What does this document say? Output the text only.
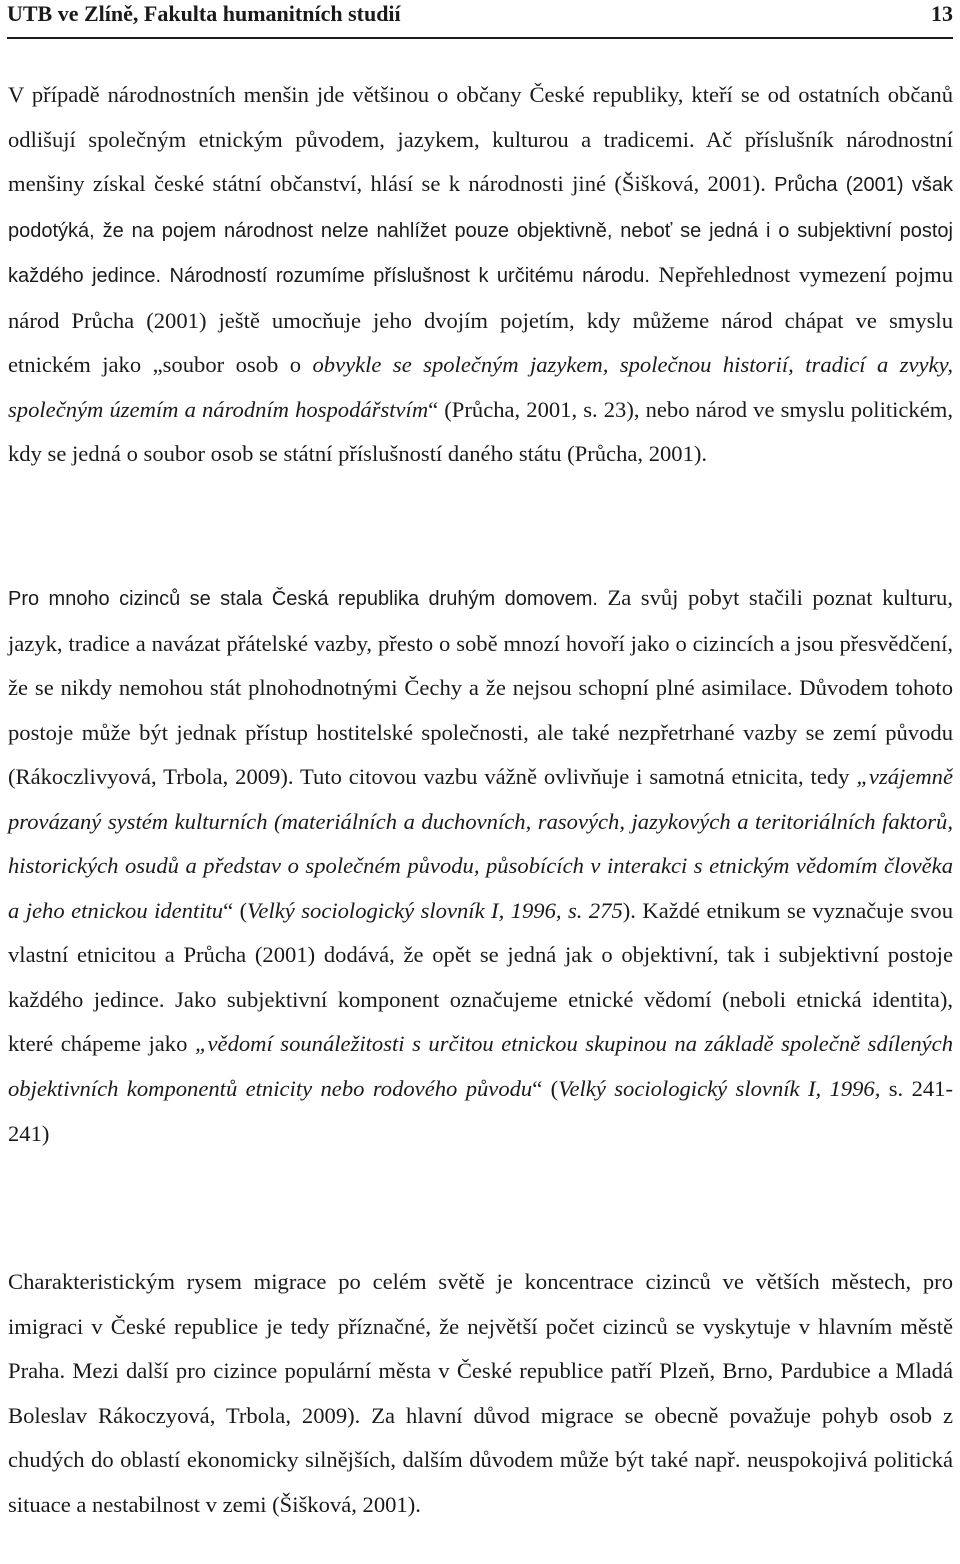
UTB ve Zlíně, Fakulta humanitních studií	13

V případě národnostních menšin jde většinou o občany České republiky, kteří se od ostatních občanů odlišují společným etnickým původem, jazykem, kulturou a tradicemi. Ač příslušník národnostní menšiny získal české státní občanství, hlásí se k národnosti jiné (Šišková, 2001). Průcha (2001) však podotýká, že na pojem národnost nelze nahlížet pouze objektivně, neboť se jedná i o subjektivní postoj každého jedince. Národností rozumíme příslušnost k určitému národu. Nepřehlednost vymezení pojmu národ Průcha (2001) ještě umocňuje jeho dvojím pojetím, kdy můžeme národ chápat ve smyslu etnickém jako „soubor osob o obvykle se společným jazykem, společnou historií, tradicí a zvyky, společným územím a národním hospodářstvím“ (Průcha, 2001, s. 23), nebo národ ve smyslu politickém, kdy se jedná o soubor osob se státní příslušností daného státu (Průcha, 2001).

Pro mnoho cizinců se stala Česká republika druhým domovem. Za svůj pobyt stačili poznat kulturu, jazyk, tradice a navázat přátelské vazby, přesto o sobě mnozí hovoří jako o cizincích a jsou přesvědčení, že se nikdy nemohou stát plnohodnotnými Čechy a že nejsou schopní plné asimilace. Důvodem tohoto postoje může být jednak přístup hostitelské společnosti, ale také nezpřetrhané vazby se zemí původu (Rákoczlivyová, Trbola, 2009). Tuto citovou vazbu vážně ovlivňuje i samotná etnicita, tedy „vzájemně provázaný systém kulturních (materiálních a duchovních, rasových, jazykových a teritoriálních faktorů, historických osudů a představ o společném původu, působících v interakci s etnickým vědomím člověka a jeho etnickou identitu“ (Velký sociologický slovník I, 1996, s. 275). Každé etnikum se vyznačuje svou vlastní etnicitou a Průcha (2001) dodává, že opět se jedná jak o objektivní, tak i subjektivní postoje každého jedince. Jako subjektivní komponent označujeme etnické vědomí (neboli etnická identita), které chápeme jako „vědomí sounáležitosti s určitou etnickou skupinou na základě společně sdílených objektivních komponentů etnicity nebo rodového původu“ (Velký sociologický slovník I, 1996, s. 241-241)

Charakteristickým rysem migrace po celém světě je koncentrace cizinců ve větších městech, pro imigraci v České republice je tedy příznačné, že největší počet cizinců se vyskytuje v hlavním městě Praha. Mezi další pro cizince populární města v České republice patří Plzeň, Brno, Pardubice a Mladá Boleslav Rákoczyová, Trbola, 2009). Za hlavní důvod migrace se obecně považuje pohyb osob z chudých do oblastí ekonomicky silnějších, dalším důvodem může být také např. neuspokojivá politická situace a nestabilnost v zemi (Šišková, 2001).
